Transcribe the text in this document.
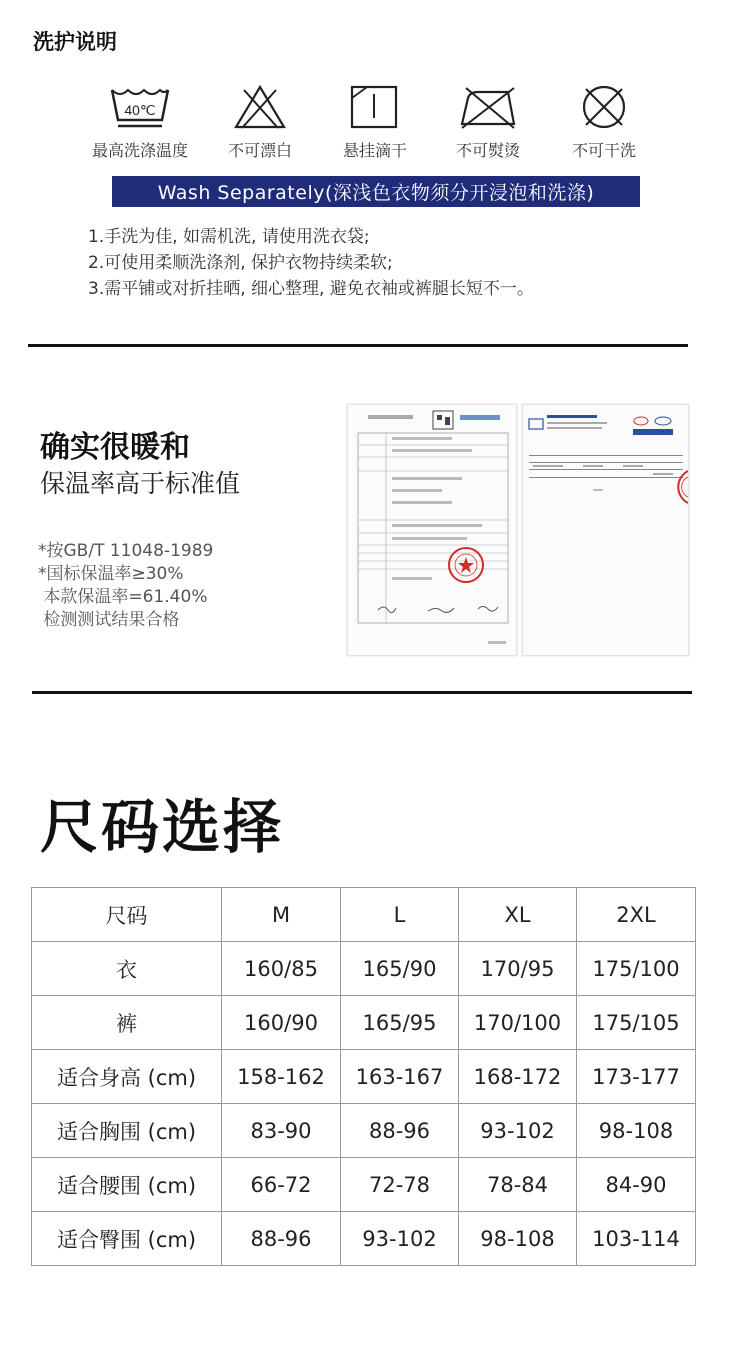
洗护说明
40℃
最高洗涤温度	不可漂白	悬挂滴干	不可熨烫	不可干洗
Wash Separately(深浅色衣物须分开浸泡和洗涤)
1.手洗为佳, 如需机洗, 请使用洗衣袋;
2.可使用柔顺洗涤剂, 保护衣物持续柔软;
3.需平铺或对折挂晒, 细心整理, 避免衣袖或裤腿长短不一。
确实很暖和
保温率高于标准值
*按GB/T 11048-1989
*国标保温率≥30%
本款保温率=61.40%
检测测试结果合格
尺码选择
尺码	M	L	XL	2XL
衣	160/85	165/90	170/95	175/100
裤	160/90	165/95	170/100	175/105
适合身高 (cm)	158-162	163-167	168-172	173-177
适合胸围 (cm)	83-90	88-96	93-102	98-108
适合腰围 (cm)	66-72	72-78	78-84	84-90
适合臀围 (cm)	88-96	93-102	98-108	103-114
